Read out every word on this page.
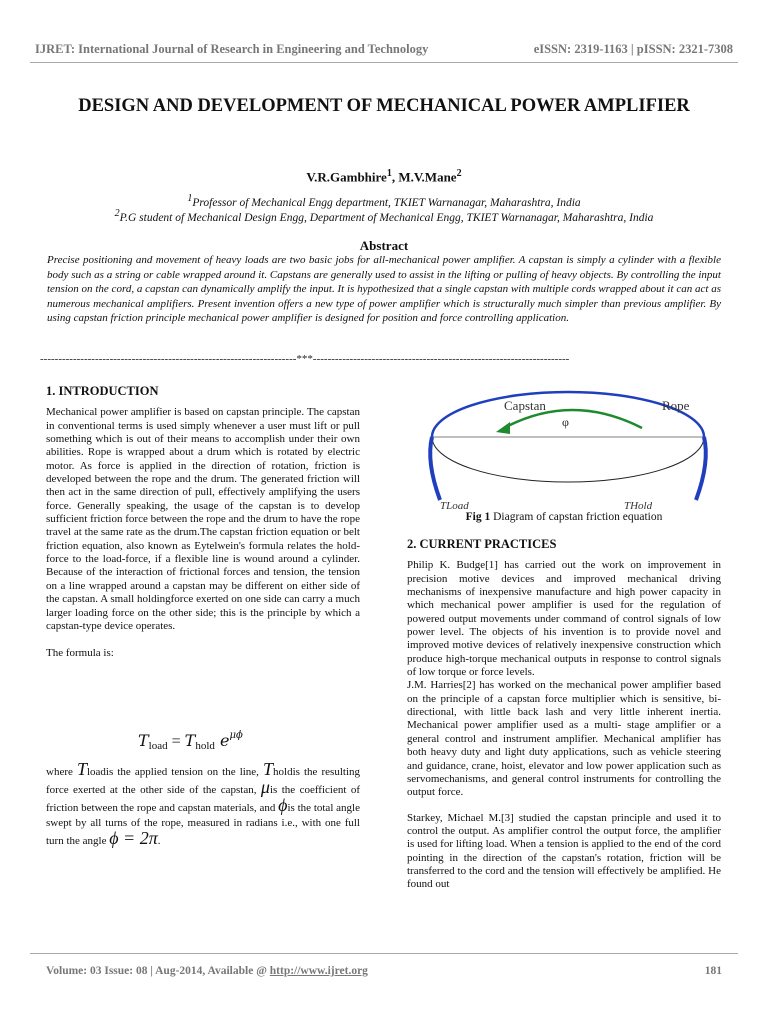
IJRET: International Journal of Research in Engineering and Technology	eISSN: 2319-1163 | pISSN: 2321-7308
DESIGN AND DEVELOPMENT OF MECHANICAL POWER AMPLIFIER
V.R.Gambhire$^1$, M.V.Mane$^2$
1Professor of Mechanical Engg department, TKIET Warnanagar, Maharashtra, India
2P.G student of Mechanical Design Engg, Department of Mechanical Engg, TKIET Warnanagar, Maharashtra, India
Abstract
Precise positioning and movement of heavy loads are two basic jobs for all-mechanical power amplifier. A capstan is simply a cylinder with a flexible body such as a string or cable wrapped around it. Capstans are generally used to assist in the lifting or pulling of heavy objects. By controlling the input tension on the cord, a capstan can dynamically amplify the input. It is hypothesized that a single capstan with multiple cords wrapped about it can act as numerous mechanical amplifiers. Present invention offers a new type of power amplifier which is structurally much simpler than previous amplifier. By using capstan friction principle mechanical power amplifier is designed for position and force controlling application.
----------------------------------------------------------------------***----------------------------------------------------------------------

1. INTRODUCTION

Mechanical power amplifier is based on capstan principle. The capstan in conventional terms is used simply whenever a user must lift or pull something which is out of their means to accomplish under their own abilities. Rope is wrapped about a drum which is rotated by electric motor. As force is applied in the direction of rotation, friction is developed between the rope and the drum. The generated friction will then act in the same direction of pull, effectively amplifying the users force. Generally speaking, the usage of the capstan is to develop sufficient friction force between the rope and the drum to have the rope travel at the same rate as the drum.The capstan friction equation or belt friction equation, also known as Eytelwein's formula relates the hold-force to the load-force, if a flexible line is wound around a cylinder. Because of the interaction of frictional forces and tension, the tension on a line wrapped around a capstan may be different on either side of the capstan. A small holdingforce exerted on one side can carry a much larger loading force on the other side; this is the principle by which a capstan-type device operates.

The formula is:

$T_{load} = T_{hold}$ $e^{\mu\phi}$
where Tloadis the applied tension on the line, Tholdis the resulting force exerted at the other side of the capstan, μis the coefficient of friction between the rope and capstan materials, and ϕis the total angle swept by all turns of the rope, measured in radians i.e., with one full turn the angle ϕ = 2π.
Capstan	Rope
φ
TLoad	THold
Fig 1 Diagram of capstan friction equation

2. CURRENT PRACTICES

Philip K. Budge[1] has carried out the work on improvement in precision motive devices and improved mechanical driving mechanisms of inexpensive manufacture and high power capacity in which mechanical power amplifier is used for the regulation of powered output movements under command of control signals of low power level. The objects of his invention is to provide novel and improved motive devices of relatively inexpensive construction which produce high-torque mechanical outputs in response to control signals of low torque or force levels.

J.M. Harries[2] has worked on the mechanical power amplifier based on the principle of a capstan force multiplier which is sensitive, bi-directional, with little back lash and very little inherent inertia. Mechanical power amplifier used as a multi- stage amplifier or a general control and instrument amplifier. Mechanical amplifier has both heavy duty and light duty applications, such as vehicle steering and guidance, crane, hoist, elevator and low power application such as servomechanisms, and general control instruments for controlling the output force.

Starkey, Michael M.[3] studied the capstan principle and used it to control the output. As amplifier control the output force, the amplifier is used for lifting load. When a tension is applied to the end of the cord pointing in the direction of the capstan's rotation, friction will be transferred to the cord and the tension will effectively be amplified. He found out

Volume: 03 Issue: 08 | Aug-2014, Available @ http://www.ijret.org	181
